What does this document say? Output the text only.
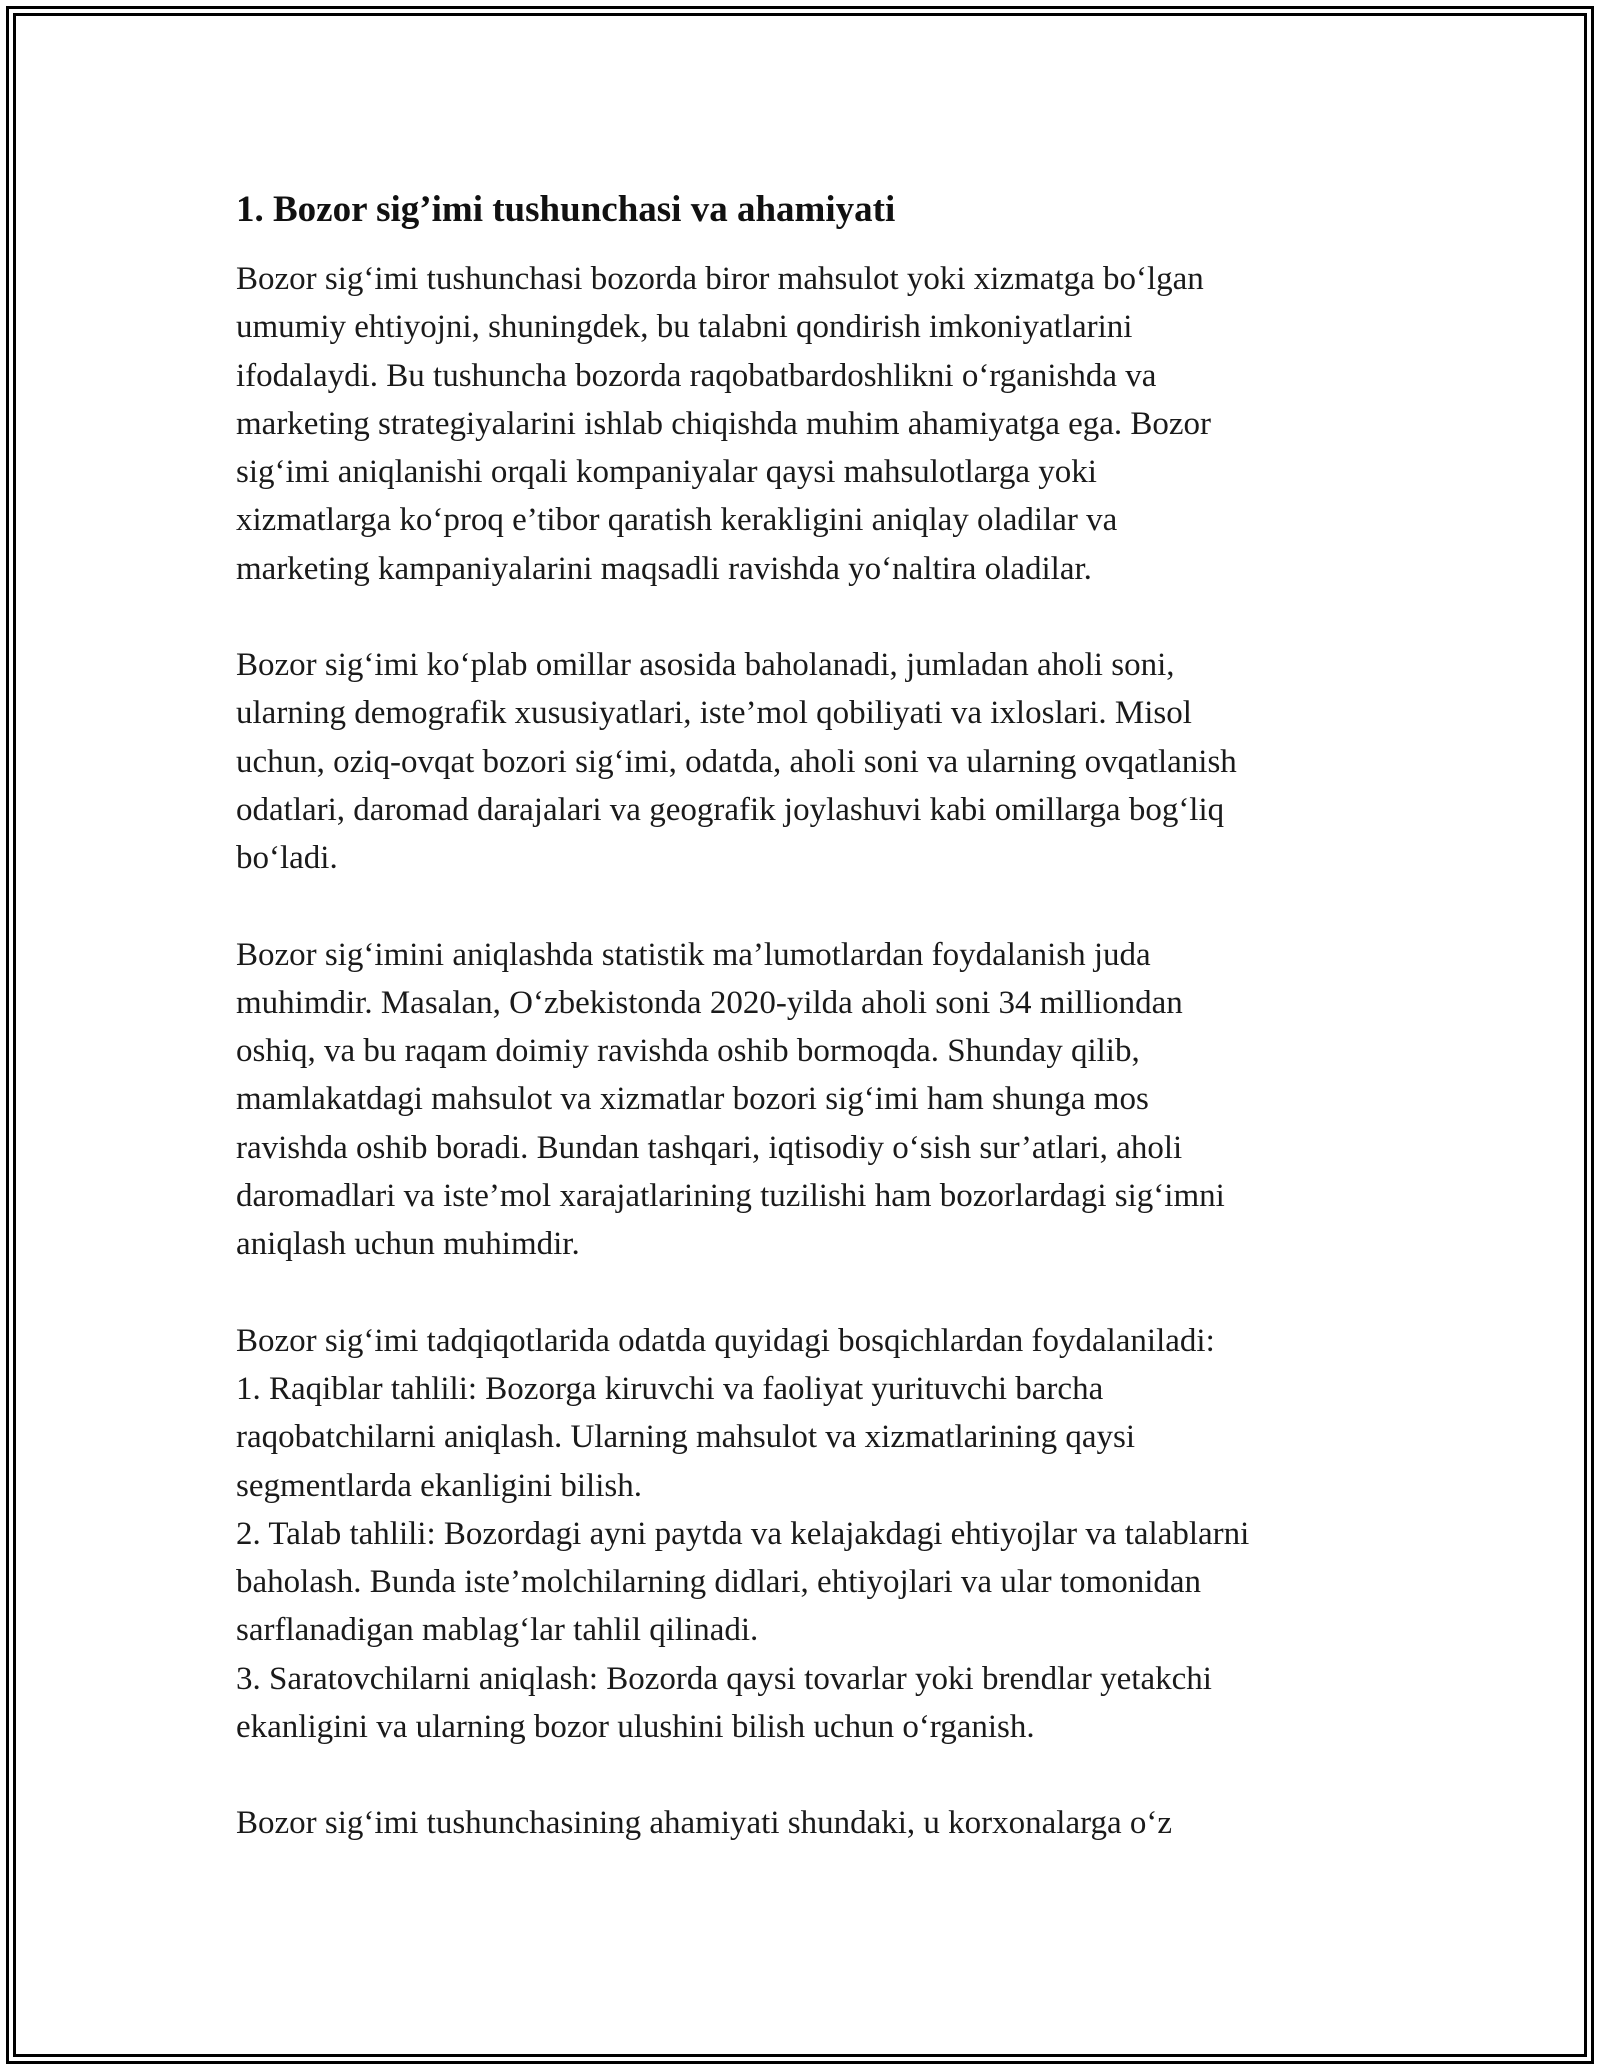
1. Bozor sig’imi tushunchasi va ahamiyati
Bozor sig‘imi tushunchasi bozorda biror mahsulot yoki xizmatga bo‘lgan
umumiy ehtiyojni, shuningdek, bu talabni qondirish imkoniyatlarini
ifodalaydi. Bu tushuncha bozorda raqobatbardoshlikni o‘rganishda va
marketing strategiyalarini ishlab chiqishda muhim ahamiyatga ega. Bozor
sig‘imi aniqlanishi orqali kompaniyalar qaysi mahsulotlarga yoki
xizmatlarga ko‘proq e’tibor qaratish kerakligini aniqlay oladilar va
marketing kampaniyalarini maqsadli ravishda yo‘naltira oladilar.
Bozor sig‘imi ko‘plab omillar asosida baholanadi, jumladan aholi soni,
ularning demografik xususiyatlari, iste’mol qobiliyati va ixloslari. Misol
uchun, oziq-ovqat bozori sig‘imi, odatda, aholi soni va ularning ovqatlanish
odatlari, daromad darajalari va geografik joylashuvi kabi omillarga bog‘liq
bo‘ladi.
Bozor sig‘imini aniqlashda statistik ma’lumotlardan foydalanish juda
muhimdir. Masalan, O‘zbekistonda 2020-yilda aholi soni 34 milliondan
oshiq, va bu raqam doimiy ravishda oshib bormoqda. Shunday qilib,
mamlakatdagi mahsulot va xizmatlar bozori sig‘imi ham shunga mos
ravishda oshib boradi. Bundan tashqari, iqtisodiy o‘sish sur’atlari, aholi
daromadlari va iste’mol xarajatlarining tuzilishi ham bozorlardagi sig‘imni
aniqlash uchun muhimdir.
Bozor sig‘imi tadqiqotlarida odatda quyidagi bosqichlardan foydalaniladi:
1. Raqiblar tahlili: Bozorga kiruvchi va faoliyat yurituvchi barcha
raqobatchilarni aniqlash. Ularning mahsulot va xizmatlarining qaysi
segmentlarda ekanligini bilish.
2. Talab tahlili: Bozordagi ayni paytda va kelajakdagi ehtiyojlar va talablarni
baholash. Bunda iste’molchilarning didlari, ehtiyojlari va ular tomonidan
sarflanadigan mablag‘lar tahlil qilinadi.
3. Saratovchilarni aniqlash: Bozorda qaysi tovarlar yoki brendlar yetakchi
ekanligini va ularning bozor ulushini bilish uchun o‘rganish.
Bozor sig‘imi tushunchasining ahamiyati shundaki, u korxonalarga o‘z
